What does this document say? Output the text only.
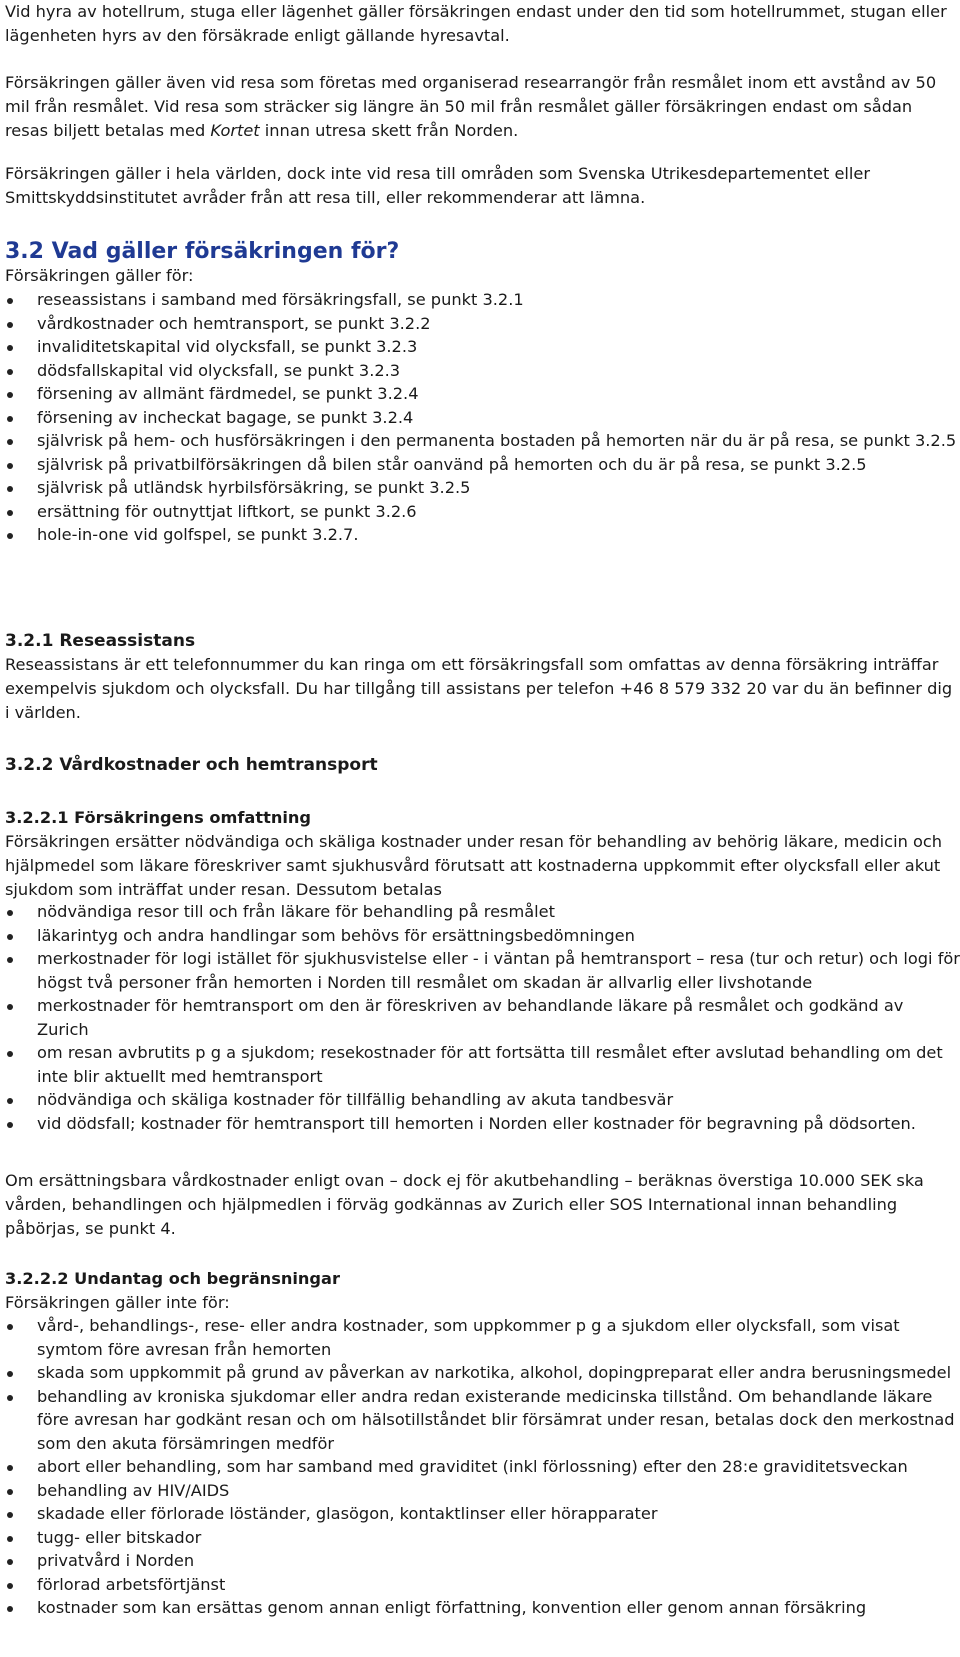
Vid hyra av hotellrum, stuga eller lägenhet gäller försäkringen endast under den tid som hotellrummet, stugan eller lägenheten hyrs av den försäkrade enligt gällande hyresavtal.

Försäkringen gäller även vid resa som företas med organiserad researrangör från resmålet inom ett avstånd av 50 mil från resmålet. Vid resa som sträcker sig längre än 50 mil från resmålet gäller försäkringen endast om sådan resas biljett betalas med Kortet innan utresa skett från Norden.

Försäkringen gäller i hela världen, dock inte vid resa till områden som Svenska Utrikesdepartementet eller Smittskyddsinstitutet avråder från att resa till, eller rekommenderar att lämna.

3.2 Vad gäller försäkringen för?

Försäkringen gäller för:

reseassistans i samband med försäkringsfall, se punkt 3.2.1
vårdkostnader och hemtransport, se punkt 3.2.2
invaliditetskapital vid olycksfall, se punkt 3.2.3
dödsfallskapital vid olycksfall, se punkt 3.2.3
försening av allmänt färdmedel, se punkt 3.2.4
försening av incheckat bagage, se punkt 3.2.4
självrisk på hem- och husförsäkringen i den permanenta bostaden på hemorten när du är på resa, se punkt 3.2.5
självrisk på privatbilförsäkringen då bilen står oanvänd på hemorten och du är på resa, se punkt 3.2.5
självrisk på utländsk hyrbilsförsäkring, se punkt 3.2.5
ersättning för outnyttjat liftkort, se punkt 3.2.6
hole-in-one vid golfspel, se punkt 3.2.7.
3.2.1 Reseassistans

Reseassistans är ett telefonnummer du kan ringa om ett försäkringsfall som omfattas av denna försäkring inträffar exempelvis sjukdom och olycksfall. Du har tillgång till assistans per telefon +46 8 579 332 20 var du än befinner dig i världen.

3.2.2 Vårdkostnader och hemtransport
3.2.2.1 Försäkringens omfattning

Försäkringen ersätter nödvändiga och skäliga kostnader under resan för behandling av behörig läkare, medicin och hjälpmedel som läkare föreskriver samt sjukhusvård förutsatt att kostnaderna uppkommit efter olycksfall eller akut sjukdom som inträffat under resan. Dessutom betalas

nödvändiga resor till och från läkare för behandling på resmålet
läkarintyg och andra handlingar som behövs för ersättningsbedömningen
merkostnader för logi istället för sjukhusvistelse eller - i väntan på hemtransport – resa (tur och retur) och logi för högst två personer från hemorten i Norden till resmålet om skadan är allvarlig eller livshotande
merkostnader för hemtransport om den är föreskriven av behandlande läkare på resmålet och godkänd av Zurich
om resan avbrutits p g a sjukdom; resekostnader för att fortsätta till resmålet efter avslutad behandling om det inte blir aktuellt med hemtransport
nödvändiga och skäliga kostnader för tillfällig behandling av akuta tandbesvär
vid dödsfall; kostnader för hemtransport till hemorten i Norden eller kostnader för begravning på dödsorten.

Om ersättningsbara vårdkostnader enligt ovan – dock ej för akutbehandling – beräknas överstiga 10.000 SEK ska vården, behandlingen och hjälpmedlen i förväg godkännas av Zurich eller SOS International innan behandling påbörjas, se punkt 4.

3.2.2.2 Undantag och begränsningar

Försäkringen gäller inte för:

vård-, behandlings-, rese- eller andra kostnader, som uppkommer p g a sjukdom eller olycksfall, som visat symtom före avresan från hemorten
skada som uppkommit på grund av påverkan av narkotika, alkohol, dopingpreparat eller andra berusningsmedel
behandling av kroniska sjukdomar eller andra redan existerande medicinska tillstånd. Om behandlande läkare före avresan har godkänt resan och om hälsotillståndet blir försämrat under resan, betalas dock den merkostnad som den akuta försämringen medför
abort eller behandling, som har samband med graviditet (inkl förlossning) efter den 28:e graviditetsveckan
behandling av HIV/AIDS
skadade eller förlorade löständer, glasögon, kontaktlinser eller hörapparater
tugg- eller bitskador
privatvård i Norden
förlorad arbetsförtjänst
kostnader som kan ersättas genom annan enligt författning, konvention eller genom annan försäkring
